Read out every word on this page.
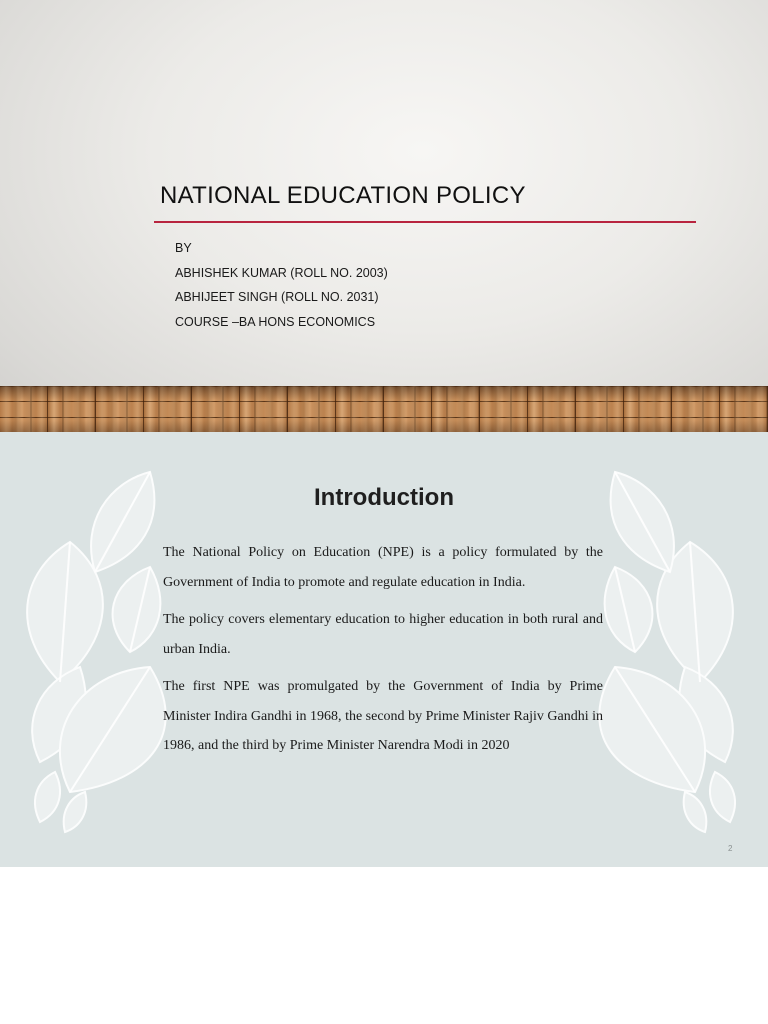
NATIONAL EDUCATION POLICY
BY
ABHISHEK KUMAR (ROLL NO. 2003)
ABHIJEET SINGH (ROLL NO. 2031)
COURSE –BA HONS ECONOMICS
Introduction

The National Policy on Education (NPE) is a policy formulated by the Government of India to promote and regulate education in India.

The policy covers elementary education to higher education in both rural and urban India.

The first NPE was promulgated by the Government of India by Prime Minister Indira Gandhi in 1968, the second by Prime Minister Rajiv Gandhi in 1986, and the third by Prime Minister Narendra Modi in 2020

2
